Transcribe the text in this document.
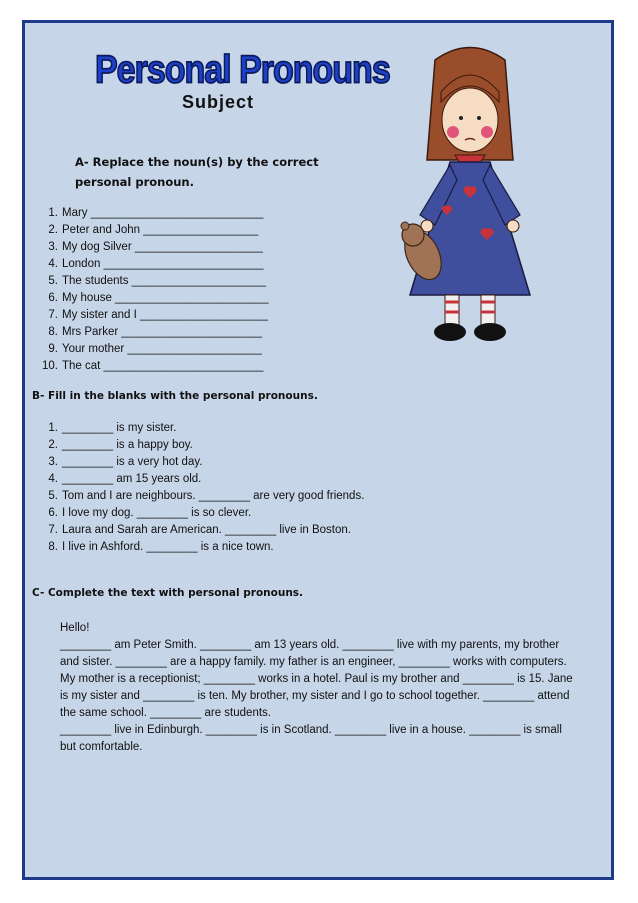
Personal Pronouns
Subject
A- Replace the noun(s) by the correct personal pronoun.
1. Mary ___________________________
2. Peter and John __________________
3. My dog Silver ____________________
4. London _________________________
5. The students _____________________
6. My house ________________________
7. My sister and I ____________________
8. Mrs Parker ______________________
9. Your mother _____________________
10. The cat _________________________
B- Fill in the blanks with the personal pronouns.
1. ________ is my sister.
2. ________ is a happy boy.
3. ________ is a very hot day.
4. ________ am 15 years old.
5. Tom and I are neighbours. ________ are very good friends.
6. I love my dog. ________ is so clever.
7. Laura and Sarah are American. ________ live in Boston.
8. I live in Ashford. ________ is a nice town.
C- Complete the text with personal pronouns.

Hello!

________ am Peter Smith. ________ am 13 years old. ________ live with my parents, my brother and sister. ________ are a happy family. my father is an engineer, ________ works with computers. My mother is a receptionist; ________ works in a hotel. Paul is my brother and ________ is 15. Jane is my sister and ________ is ten. My brother, my sister and I go to school together. ________ attend the same school. ________ are students.

________ live in Edinburgh. ________ is in Scotland. ________ live in a house. ________ is small but comfortable.
